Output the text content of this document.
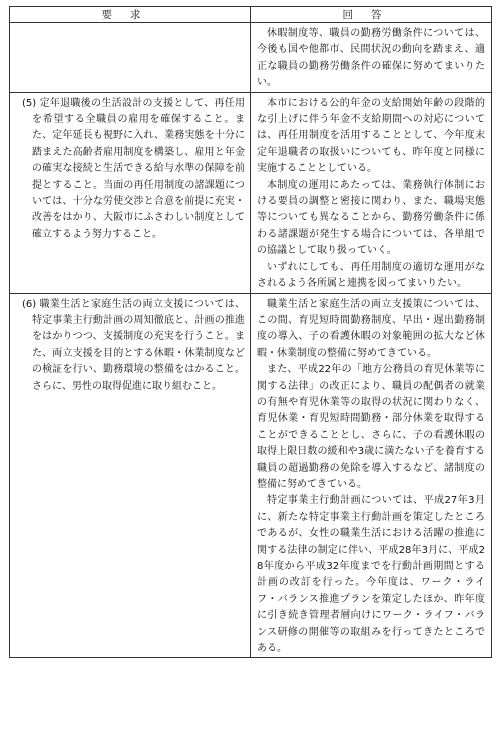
要求	回答

	休暇制度等、職員の勤務労働条件については、今後も国や他都市、民間状況の動向を踏まえ、適正な職員の勤務労働条件の確保に努めてまいりたい。

(5) 定年退職後の生活設計の支援として、再任用を希望する全職員の雇用を確保すること。また、定年延長も視野に入れ、業務実態を十分に踏まえた高齢者雇用制度を構築し、雇用と年金の確実な接続と生活できる給与水準の保障を前提とすること。当面の再任用制度の諸課題については、十分な労使交渉と合意を前提に充実・改善をはかり、大阪市にふさわしい制度として確立するよう努力すること。	本市における公的年金の支給開始年齢の段階的な引上げに伴う年金不支給期間への対応については、再任用制度を活用することとして、今年度末定年退職者の取扱いについても、昨年度と同様に実施することとしている。

本制度の運用にあたっては、業務執行体制における要員の調整と密接に関わり、また、職場実態等についても異なることから、勤務労働条件に係わる諸課題が発生する場合については、各単組での協議として取り扱っていく。

いずれにしても、再任用制度の適切な運用がなされるよう各所属と連携を図ってまいりたい。

(6) 職業生活と家庭生活の両立支援については、特定事業主行動計画の周知徹底と、計画の推進をはかりつつ、支援制度の充実を行うこと。また、両立支援を目的とする休暇・休業制度などの検証を行い、勤務環境の整備をはかること。さらに、男性の取得促進に取り組むこと。	職業生活と家庭生活の両立支援策については、この間、育児短時間勤務制度、早出・遅出勤務制度の導入、子の看護休暇の対象範囲の拡大など休暇・休業制度の整備に努めてきている。

また、平成22年の「地方公務員の育児休業等に関する法律」の改正により、職員の配偶者の就業の有無や育児休業等の取得の状況に関わりなく、育児休業・育児短時間勤務・部分休業を取得することができることとし、さらに、子の看護休暇の取得上限日数の緩和や3歳に満たない子を養育する職員の超過勤務の免除を導入するなど、諸制度の整備に努めてきている。

特定事業主行動計画については、平成27年3月に、新たな特定事業主行動計画を策定したところであるが、女性の職業生活における活躍の推進に関する法律の制定に伴い、平成28年3月に、平成28年度から平成32年度までを行動計画期間とする計画の改訂を行った。今年度は、ワーク・ライフ・バランス推進プランを策定したほか、昨年度に引き続き管理者層向けにワーク・ライフ・バランス研修の開催等の取組みを行ってきたところである。
